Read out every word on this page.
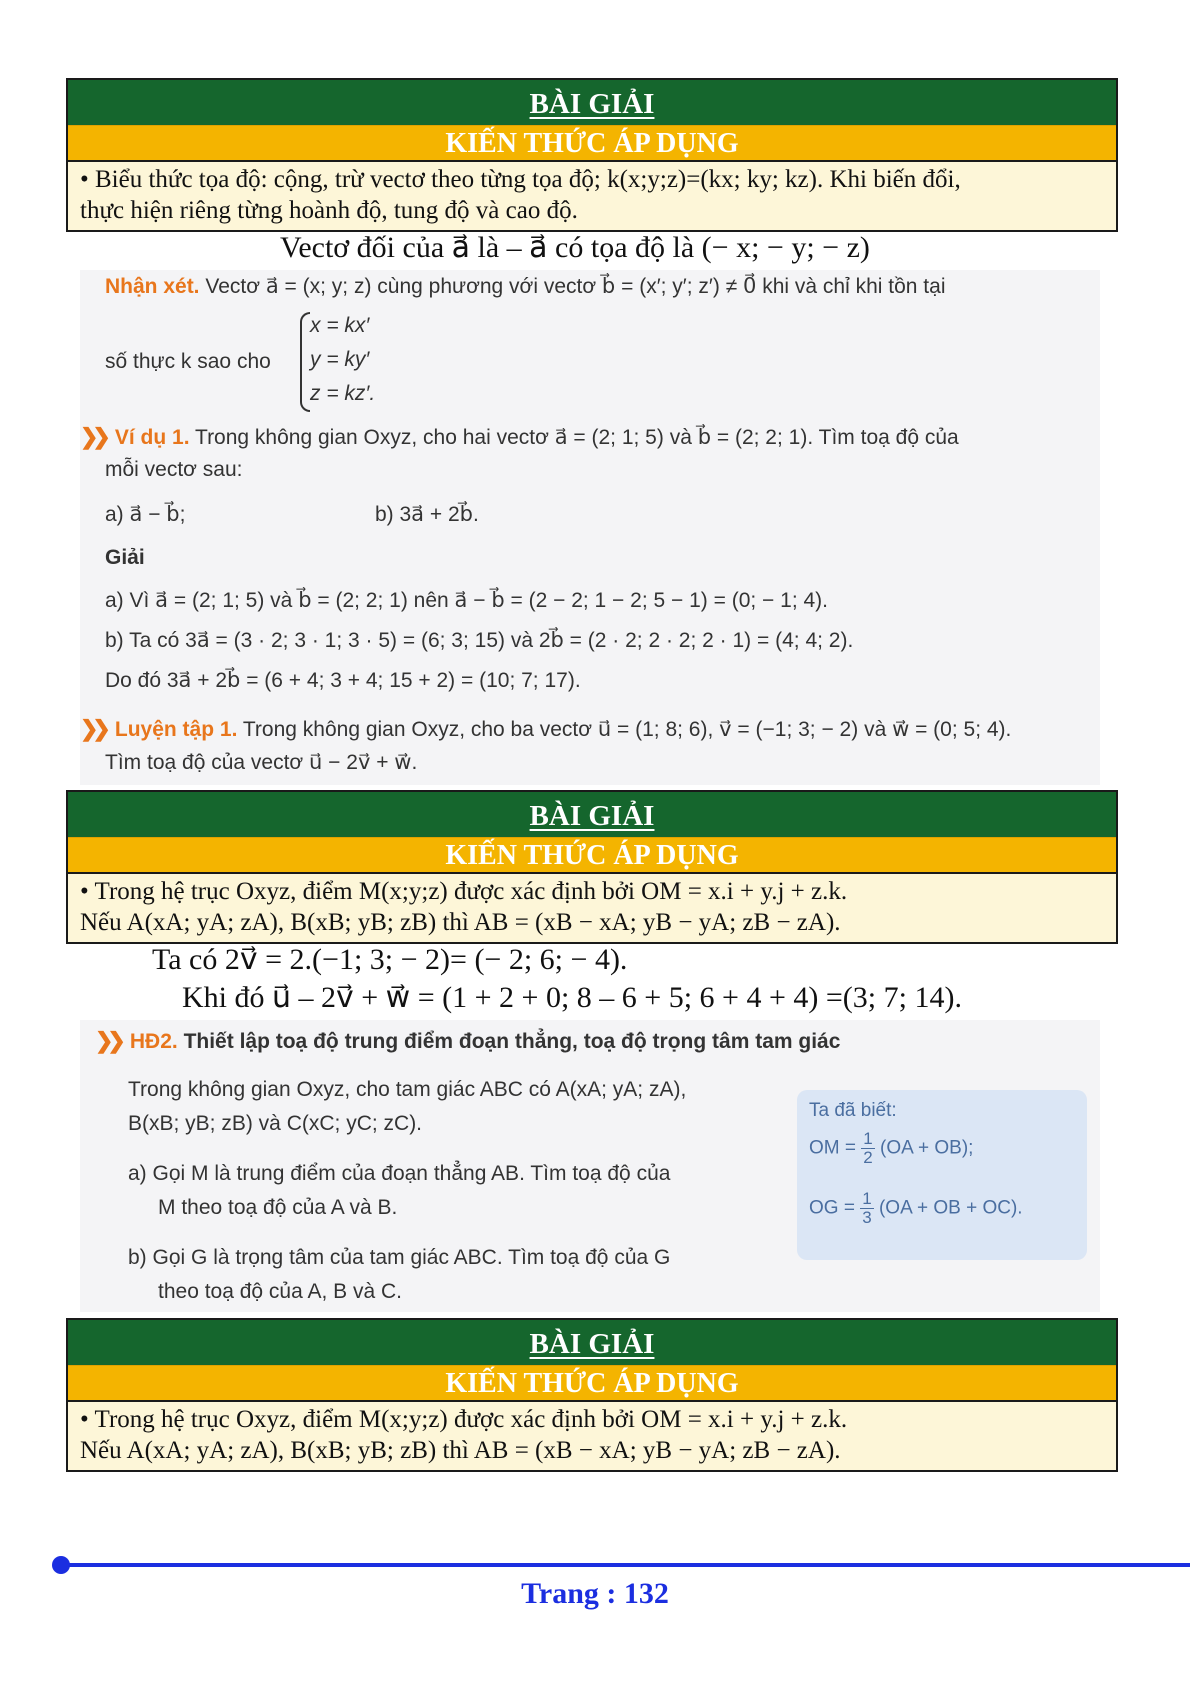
BÀI GIẢI
KIẾN THỨC ÁP DỤNG
• Biểu thức tọa độ: cộng, trừ vectơ theo từng tọa độ; k(x;y;z)=(kx; ky; kz). Khi biến đổi,
thực hiện riêng từng hoành độ, tung độ và cao độ.
Vectơ đối của a⃗ là – a⃗ có tọa độ là (− x; − y; − z)
Nhận xét. Vectơ a⃗ = (x; y; z) cùng phương với vectơ b⃗ = (x′; y′; z′) ≠ 0⃗ khi và chỉ khi tồn tại
số thực k sao cho
x = kx′
y = ky′
z = kz′.
❯❯ Ví dụ 1. Trong không gian Oxyz, cho hai vectơ a⃗ = (2; 1; 5) và b⃗ = (2; 2; 1). Tìm toạ độ của
mỗi vectơ sau:
a) a⃗ − b⃗;	b) 3a⃗ + 2b⃗.
Giải
a) Vì a⃗ = (2; 1; 5) và b⃗ = (2; 2; 1) nên a⃗ − b⃗ = (2 − 2; 1 − 2; 5 − 1) = (0; − 1; 4).
b) Ta có 3a⃗ = (3 · 2; 3 · 1; 3 · 5) = (6; 3; 15) và 2b⃗ = (2 · 2; 2 · 2; 2 · 1) = (4; 4; 2).
Do đó 3a⃗ + 2b⃗ = (6 + 4; 3 + 4; 15 + 2) = (10; 7; 17).
❯❯ Luyện tập 1. Trong không gian Oxyz, cho ba vectơ u⃗ = (1; 8; 6), v⃗ = (−1; 3; − 2) và w⃗ = (0; 5; 4).
Tìm toạ độ của vectơ u⃗ − 2v⃗ + w⃗.
BÀI GIẢI
KIẾN THỨC ÁP DỤNG
• Trong hệ trục Oxyz, điểm M(x;y;z) được xác định bởi OM = x.i + y.j + z.k.
Nếu A(xA; yA; zA), B(xB; yB; zB) thì AB = (xB − xA; yB − yA; zB − zA).
Ta có 2v⃗ = 2.(−1; 3; − 2)= (− 2; 6; − 4).
Khi đó u⃗ – 2v⃗ + w⃗ = (1 + 2 + 0; 8 – 6 + 5; 6 + 4 + 4) =(3; 7; 14).
❯❯ HĐ2. Thiết lập toạ độ trung điểm đoạn thẳng, toạ độ trọng tâm tam giác
Trong không gian Oxyz, cho tam giác ABC có A(xA; yA; zA),
B(xB; yB; zB) và C(xC; yC; zC).
a) Gọi M là trung điểm của đoạn thẳng AB. Tìm toạ độ của
M theo toạ độ của A và B.
b) Gọi G là trọng tâm của tam giác ABC. Tìm toạ độ của G
theo toạ độ của A, B và C.
Ta đã biết:
OM = $\frac{1}{2} (OA + OB)$;
OG = $\frac{1}{3} (OA$ + OB + OC).
BÀI GIẢI
KIẾN THỨC ÁP DỤNG
• Trong hệ trục Oxyz, điểm M(x;y;z) được xác định bởi OM = x.i + y.j + z.k.
Nếu A(xA; yA; zA), B(xB; yB; zB) thì AB = (xB − xA; yB − yA; zB − zA).
Trang : 132
